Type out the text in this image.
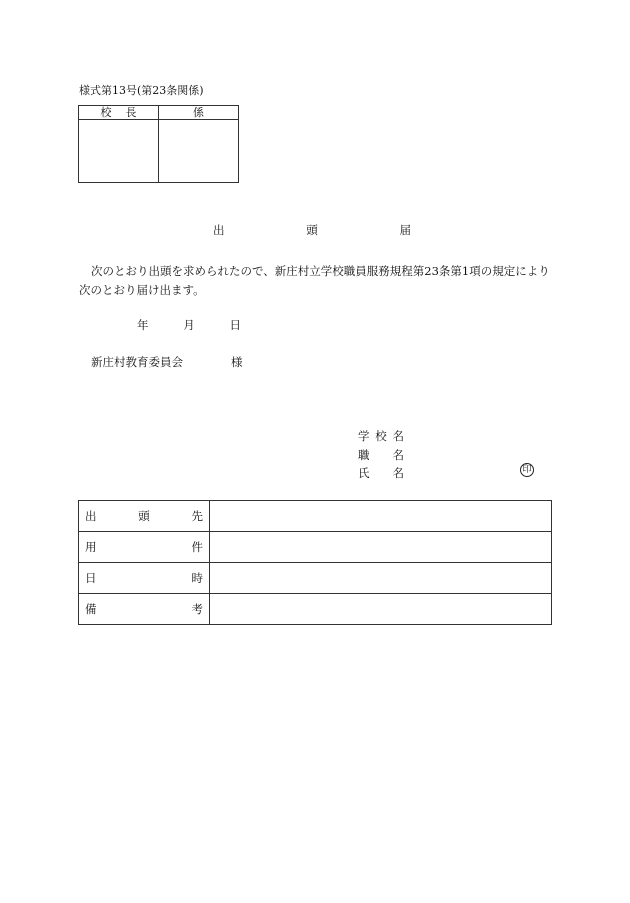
様式第13号(第23条関係)
校 長	係

出	頭	届
次のとおり出頭を求められたので、新庄村立学校職員服務規程第23条第1項の規定により次のとおり届け出ます。
年	月	日
新庄村教育委員会	様
学 校 名
職 名
氏 名	印
出 頭 先	

用 件	

日 時	

備 考	
